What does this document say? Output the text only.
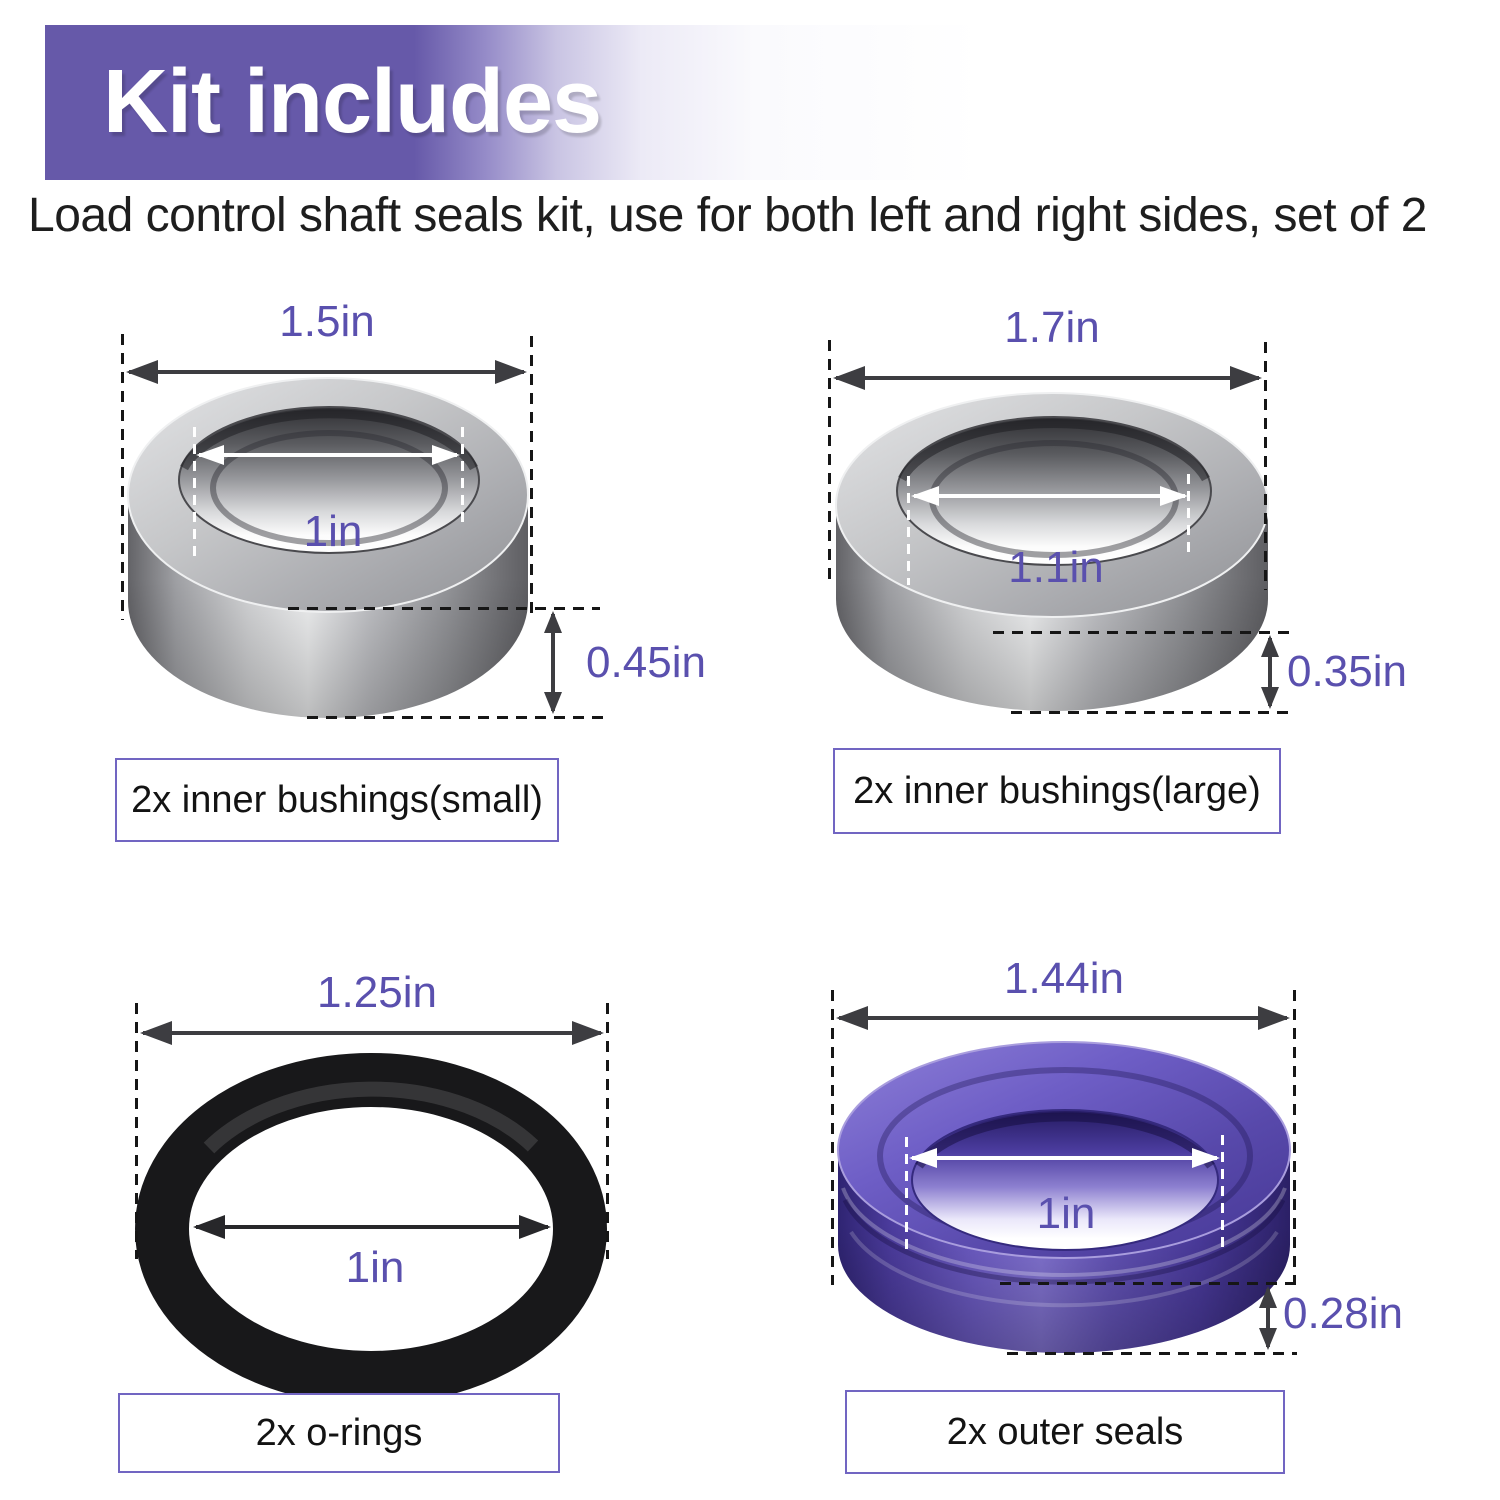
Kit includes

Load control shaft seals kit, use for both left and right sides, set of 2

1.5in
1in
0.45in
2x inner bushings(small)
1.7in
1.1in
0.35in
2x inner bushings(large)
1.25in
1in
2x o-rings
1.44in
1in
0.28in
2x outer seals
